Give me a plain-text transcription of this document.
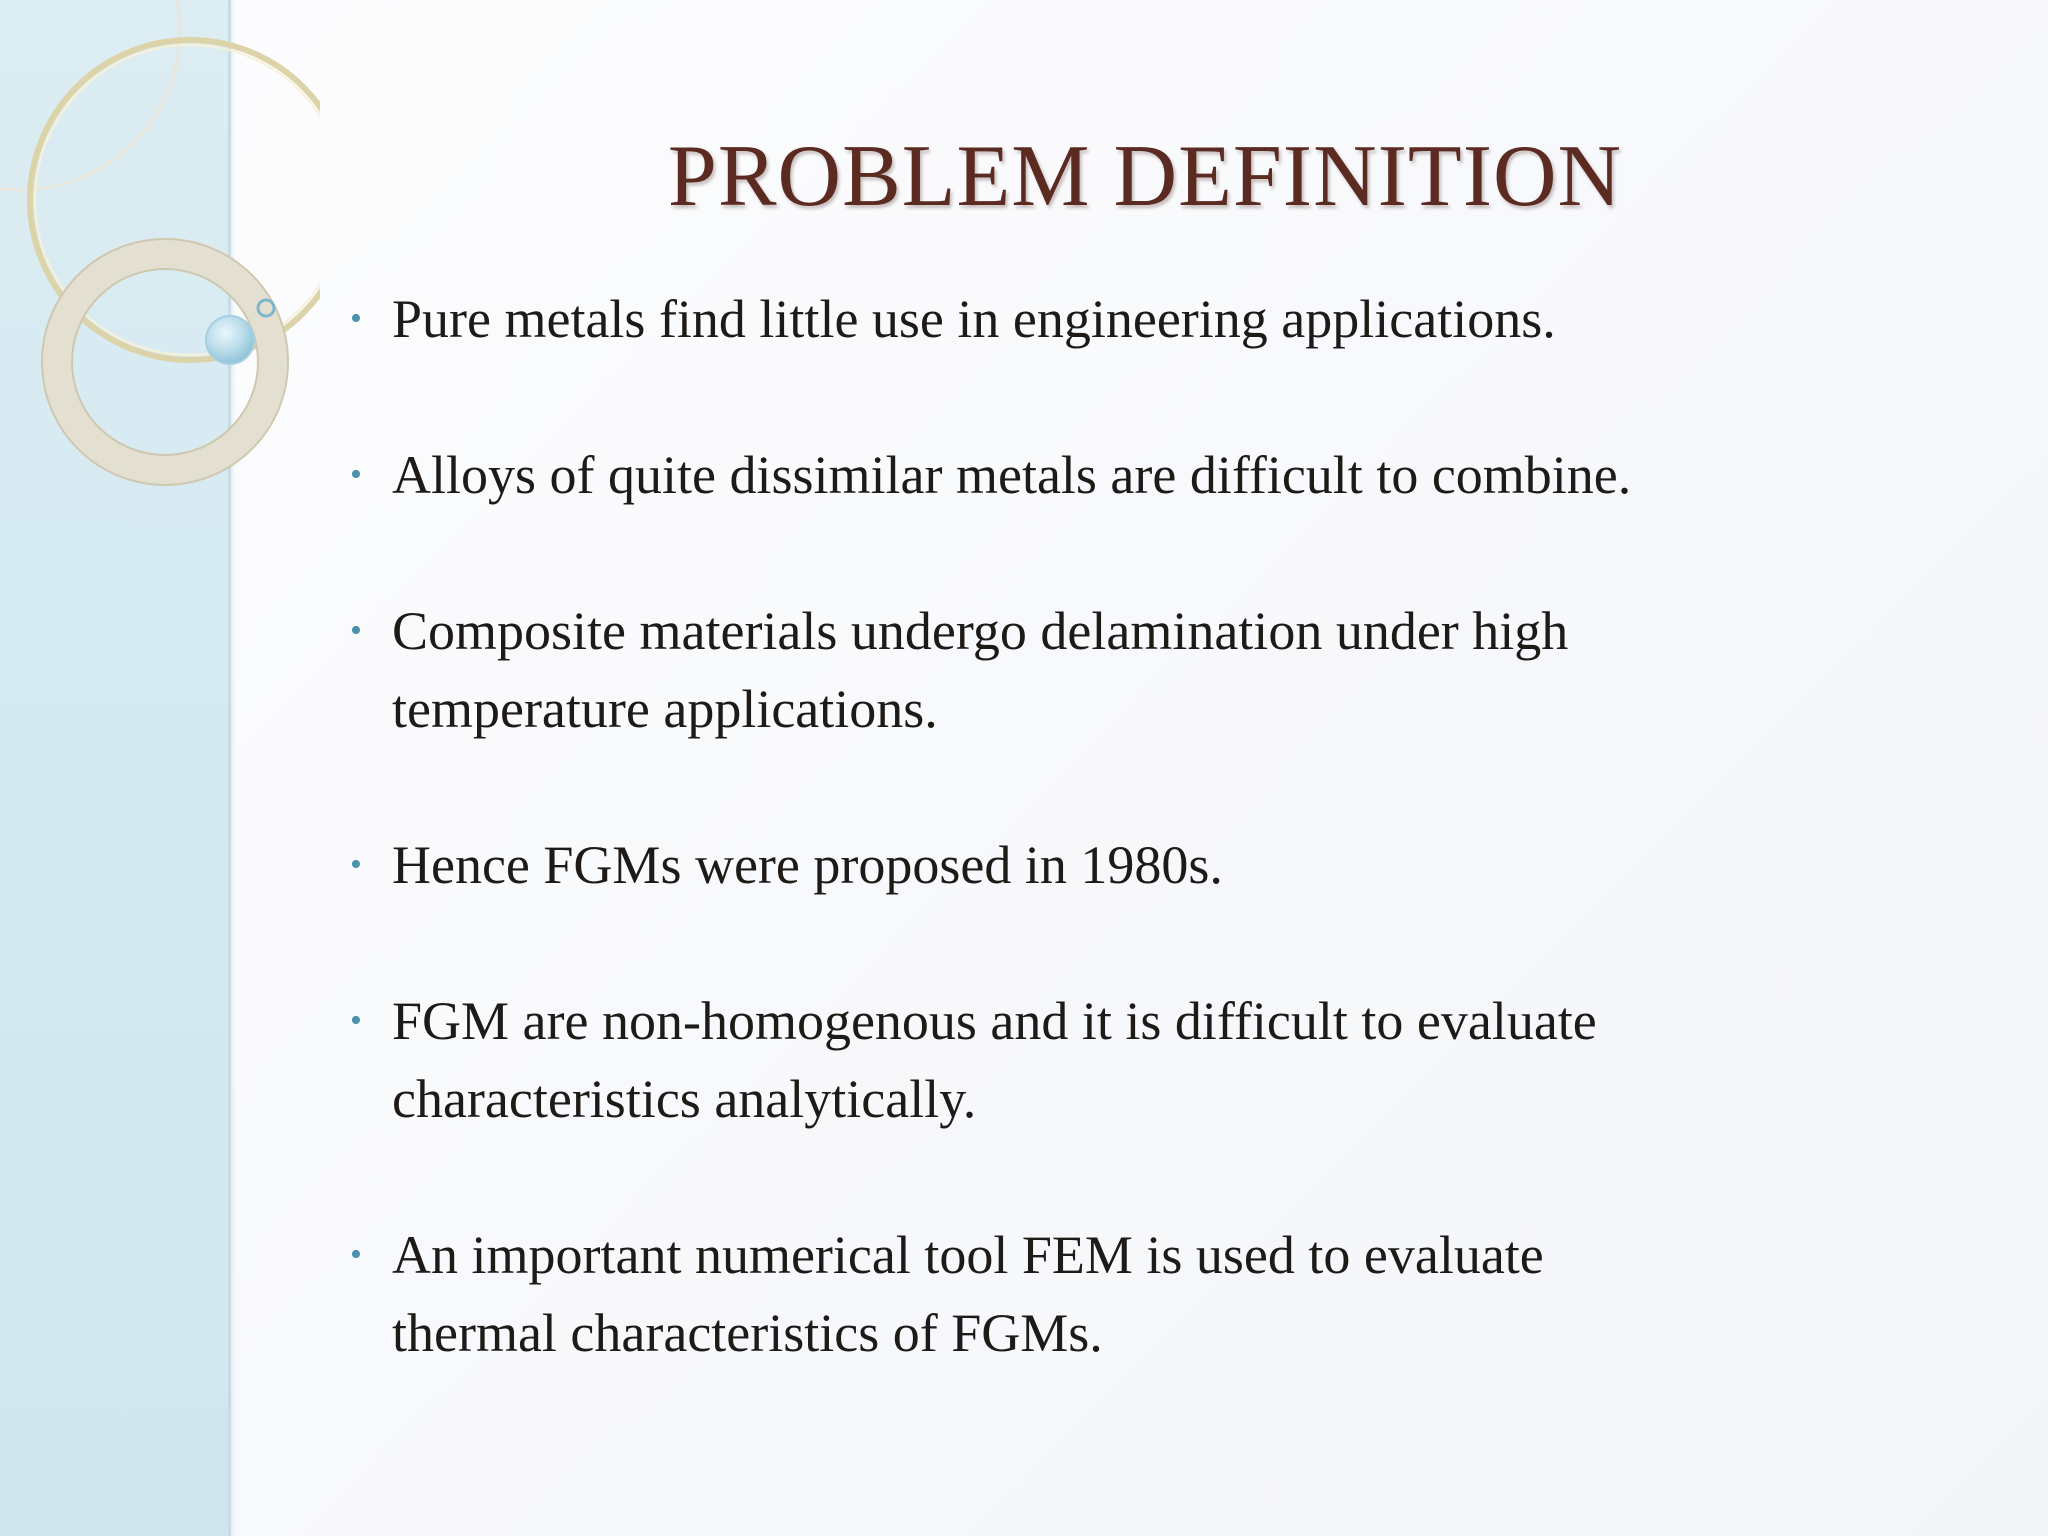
PROBLEM DEFINITION
• Pure metals find little use in engineering applications.
• Alloys of quite dissimilar metals are difficult to combine.
• Composite materials undergo delamination under high temperature applications.
• Hence FGMs were proposed in 1980s.
• FGM are non-homogenous and it is difficult to evaluate characteristics analytically.
• An important numerical tool FEM is used to evaluate thermal characteristics of FGMs.
